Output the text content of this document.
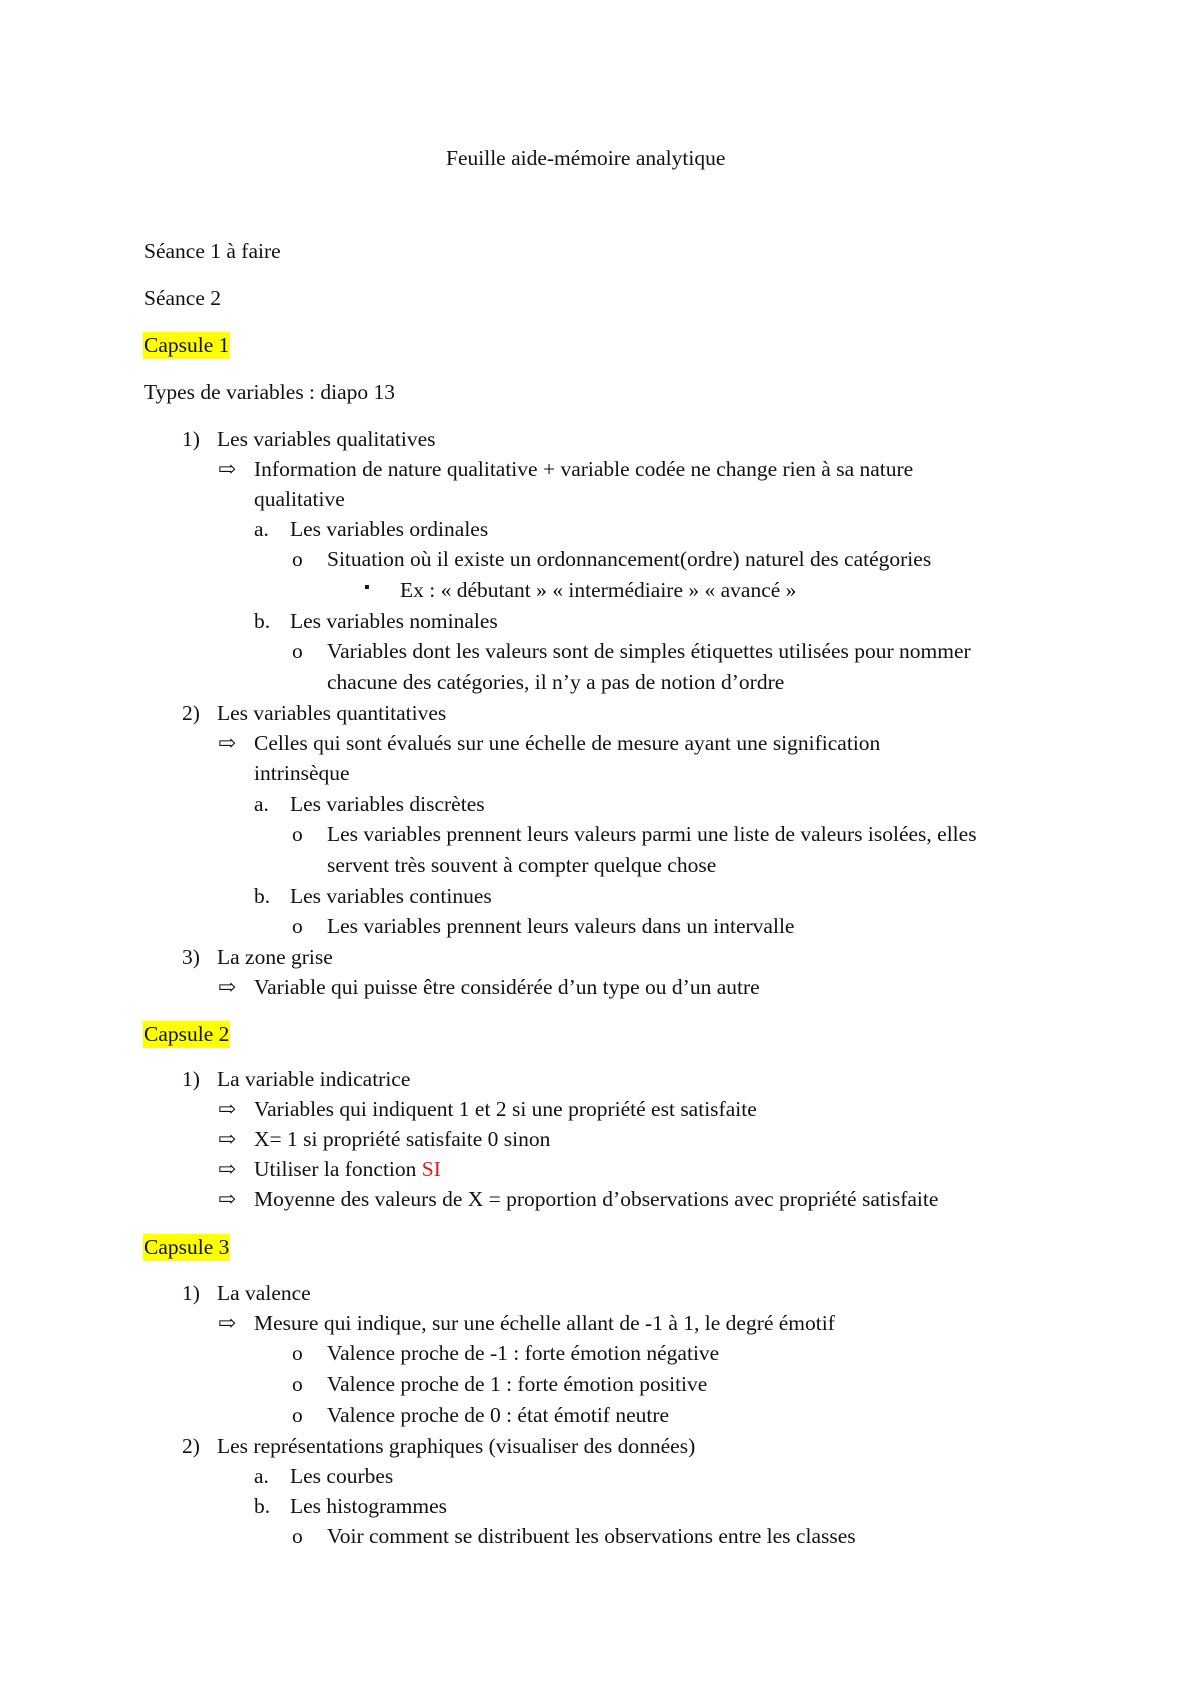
Feuille aide-mémoire analytique
Séance 1 à faire
Séance 2
Capsule 1
Types de variables : diapo 13
1) Les variables qualitatives
⇨ Information de nature qualitative + variable codée ne change rien à sa nature
qualitative
a. Les variables ordinales
o Situation où il existe un ordonnancement(ordre) naturel des catégories
▪ Ex : « débutant » « intermédiaire » « avancé »
b. Les variables nominales
o Variables dont les valeurs sont de simples étiquettes utilisées pour nommer
chacune des catégories, il n’y a pas de notion d’ordre
2) Les variables quantitatives
⇨ Celles qui sont évalués sur une échelle de mesure ayant une signification
intrinsèque
a. Les variables discrètes
o Les variables prennent leurs valeurs parmi une liste de valeurs isolées, elles
servent très souvent à compter quelque chose
b. Les variables continues
o Les variables prennent leurs valeurs dans un intervalle
3) La zone grise
⇨ Variable qui puisse être considérée d’un type ou d’un autre
Capsule 2
1) La variable indicatrice
⇨ Variables qui indiquent 1 et 2 si une propriété est satisfaite
⇨ X= 1 si propriété satisfaite 0 sinon
⇨ Utiliser la fonction SI
⇨ Moyenne des valeurs de X = proportion d’observations avec propriété satisfaite
Capsule 3
1) La valence
⇨ Mesure qui indique, sur une échelle allant de -1 à 1, le degré émotif
o Valence proche de -1 : forte émotion négative
o Valence proche de 1 : forte émotion positive
o Valence proche de 0 : état émotif neutre
2) Les représentations graphiques (visualiser des données)
a. Les courbes
b. Les histogrammes
o Voir comment se distribuent les observations entre les classes
